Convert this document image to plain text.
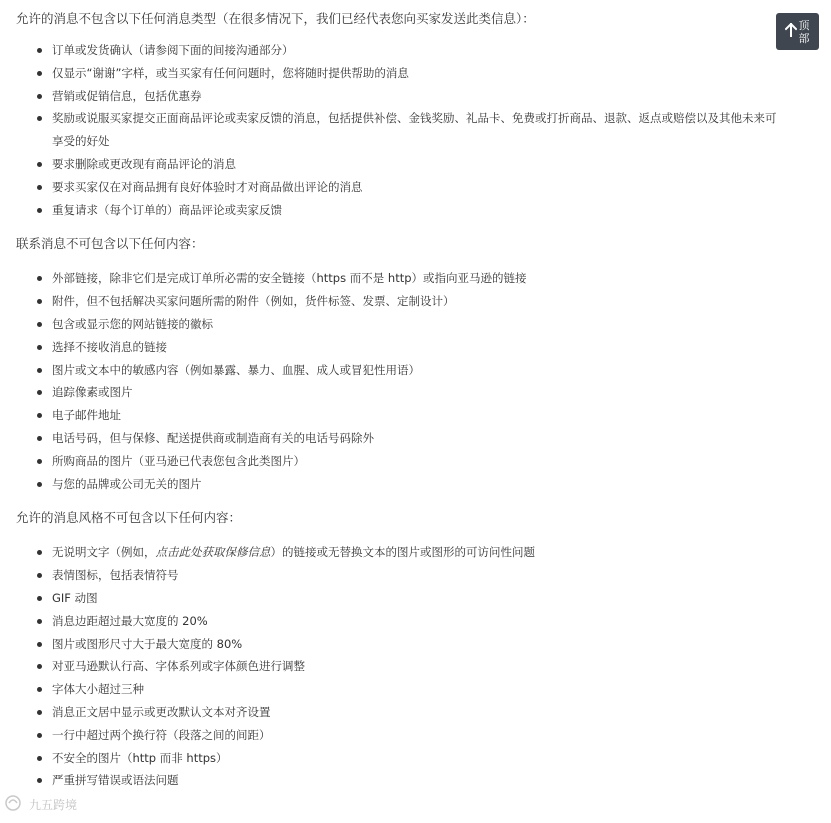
允许的消息不包含以下任何消息类型（在很多情况下，我们已经代表您向买家发送此类信息）：

订单或发货确认（请参阅下面的间接沟通部分）
仅显示“谢谢”字样，或当买家有任何问题时，您将随时提供帮助的消息
营销或促销信息，包括优惠券
奖励或说服买家提交正面商品评论或卖家反馈的消息，包括提供补偿、金钱奖励、礼品卡、免费或打折商品、退款、返点或赔偿以及其他未来可享受的好处
要求删除或更改现有商品评论的消息
要求买家仅在对商品拥有良好体验时才对商品做出评论的消息
重复请求（每个订单的）商品评论或卖家反馈

联系消息不可包含以下任何内容：

外部链接，除非它们是完成订单所必需的安全链接（https 而不是 http）或指向亚马逊的链接
附件，但不包括解决买家问题所需的附件（例如，货件标签、发票、定制设计）
包含或显示您的网站链接的徽标
选择不接收消息的链接
图片或文本中的敏感内容（例如暴露、暴力、血腥、成人或冒犯性用语）
追踪像素或图片
电子邮件地址
电话号码，但与保修、配送提供商或制造商有关的电话号码除外
所购商品的图片（亚马逊已代表您包含此类图片）
与您的品牌或公司无关的图片

允许的消息风格不可包含以下任何内容：

无说明文字（例如，点击此处获取保修信息）的链接或无替换文本的图片或图形的可访问性问题
表情图标，包括表情符号
GIF 动图
消息边距超过最大宽度的 20%
图片或图形尺寸大于最大宽度的 80%
对亚马逊默认行高、字体系列或字体颜色进行调整
字体大小超过三种
消息正文居中显示或更改默认文本对齐设置
一行中超过两个换行符（段落之间的间距）
不安全的图片（http 而非 https）
严重拼写错误或语法问题
顶部
九五跨境
